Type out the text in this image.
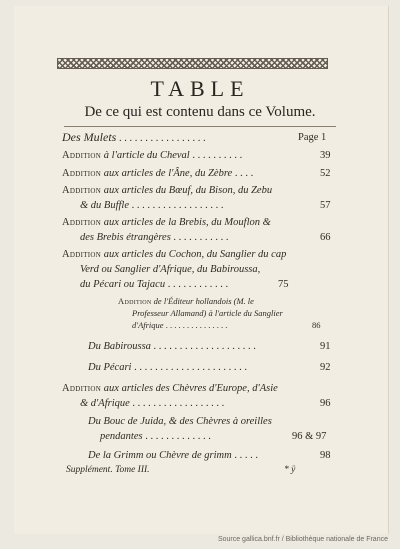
TABLE
De ce qui est contenu dans ce Volume.
Des Mulets . . . . . . . . . . . . . . . . .	Page 1
Addition à l'article du Cheval . . . . . . . . . .	39
Addition aux articles de l'Âne, du Zèbre . . . .	52
Addition aux articles du Bœuf, du Bison, du Zebu
& du Buffle . . . . . . . . . . . . . . . . . .	57
Addition aux articles de la Brebis, du Mouflon &
des Brebis étrangères . . . . . . . . . . .	66
Addition aux articles du Cochon, du Sanglier du cap
Verd ou Sanglier d'Afrique, du Babiroussa,
du Pécari ou Tajacu . . . . . . . . . . . .	75
Addition de l'Éditeur hollandois (M. le
Professeur Allamand) à l'article du Sanglier
d'Afrique . . . . . . . . . . . . . . .	86
Du Babiroussa . . . . . . . . . . . . . . . . . . . .	91
Du Pécari . . . . . . . . . . . . . . . . . . . . . .	92
Addition aux articles des Chèvres d'Europe, d'Asie
& d'Afrique . . . . . . . . . . . . . . . . . .	96
Du Bouc de Juida, & des Chèvres à oreilles
pendantes . . . . . . . . . . . . .	96 & 97
De la Grimm ou Chèvre de grimm . . . . .	98
Supplément. Tome III.	* ÿ
Source gallica.bnf.fr / Bibliothèque nationale de France
